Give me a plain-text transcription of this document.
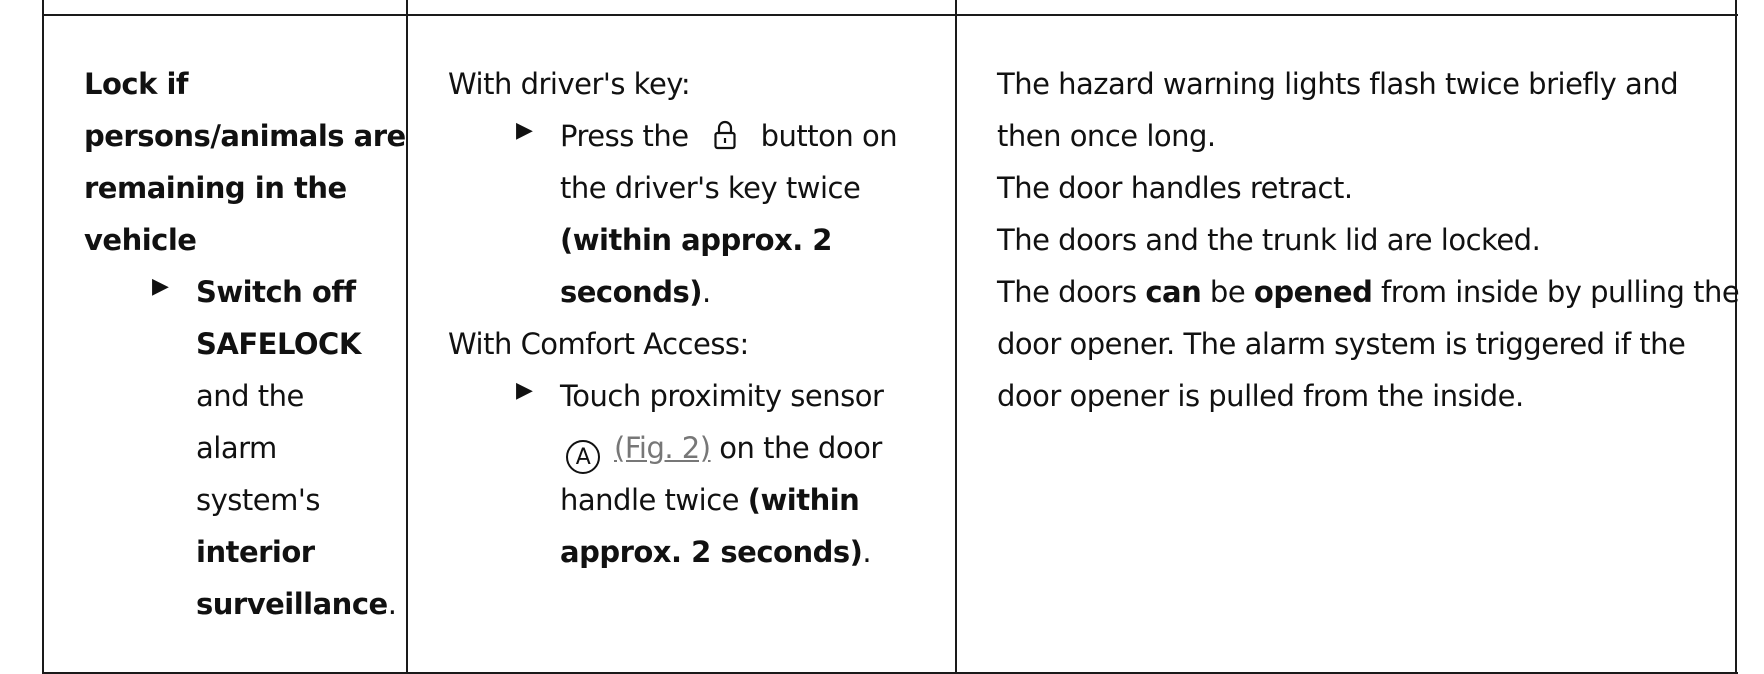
Lock if
persons/animals are
remaining in the
vehicle
▶ Switch off
SAFELOCK
and the
alarm
system's
interior
surveillance.
With driver's key:
▶ Press the button on
the driver's key twice
(within approx. 2
seconds).
With Comfort Access:
▶ Touch proximity sensor
A (Fig. 2) on the door
handle twice (within
approx. 2 seconds).
The hazard warning lights flash twice briefly and
then once long.
The door handles retract.
The doors and the trunk lid are locked.
The doors can be opened from inside by pulling the
door opener. The alarm system is triggered if the
door opener is pulled from the inside.
